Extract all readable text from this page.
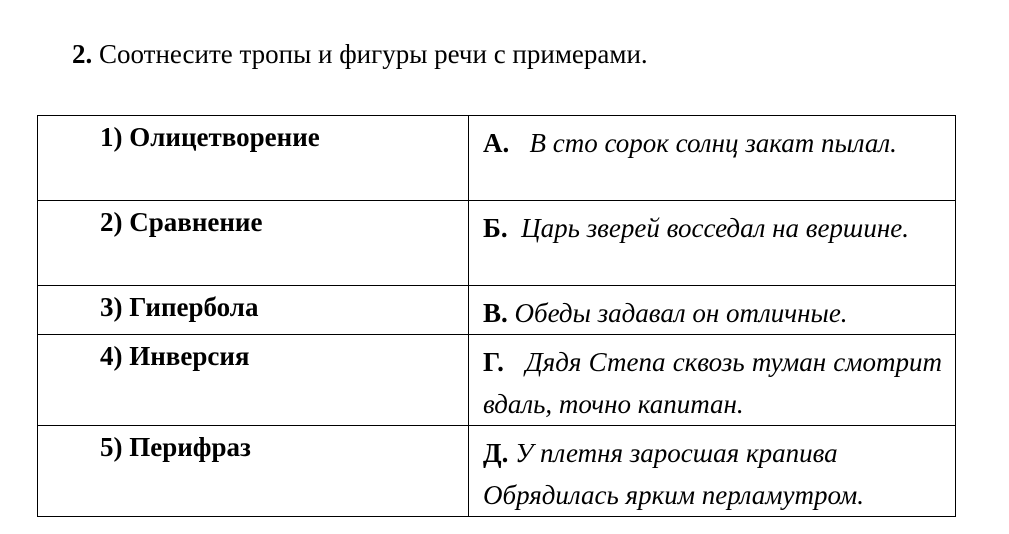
2. Соотнесите тропы и фигуры речи с примерами.
1) Олицетворение	А. В сто сорок солнц закат пылал.
2) Сравнение	Б. Царь зверей восседал на вершине.
3) Гипербола	В. Обеды задавал он отличные.
4) Инверсия	Г. Дядя Степа сквозь туман смотрит вдаль, точно капитан.
5) Перифраз	Д. У плетня заросшая крапива Обрядилась ярким перламутром.
